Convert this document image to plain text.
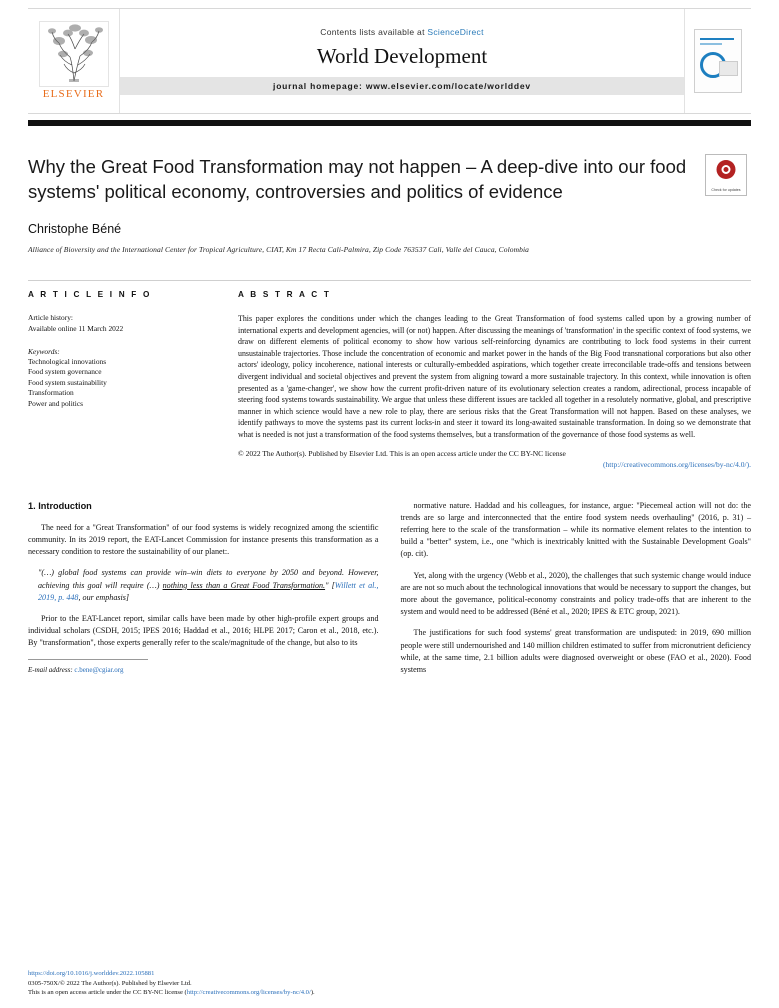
ELSEVIER
Contents lists available at ScienceDirect
World Development
journal homepage: www.elsevier.com/locate/worlddev
Why the Great Food Transformation may not happen – A deep-dive into our food systems' political economy, controversies and politics of evidence
Christophe Béné
Alliance of Bioversity and the International Center for Tropical Agriculture, CIAT, Km 17 Recta Cali-Palmira, Zip Code 763537 Cali, Valle del Cauca, Colombia
Check for updates
A R T I C L E I N F O
Article history:
Available online 11 March 2022
Keywords:
Technological innovations
Food system governance
Food system sustainability
Transformation
Power and politics
A B S T R A C T

This paper explores the conditions under which the changes leading to the Great Transformation of food systems called upon by a growing number of international experts and development agencies, will (or not) happen. After discussing the meanings of 'transformation' in the specific context of food systems, we draw on different elements of political economy to show how various self-reinforcing dynamics are contributing to lock food systems in their current unsustainable trajectories. Those include the concentration of economic and market power in the hands of the Big Food transnational corporations but also other actors' ideology, policy incoherence, national interests or culturally-embedded aspirations, which together create irreconcilable trade-offs and tensions between divergent individual and societal objectives and prevent the system from aligning toward a more sustainable trajectory. In this context, while innovation is often presented as a 'game-changer', we show how the current profit-driven nature of its evolutionary selection creates a random, adirectional, process incapable of steering food systems towards sustainability. We argue that unless these different issues are tackled all together in a resolutely normative, global, and prescriptive manner in which science would have a new role to play, there are serious risks that the Great Transformation will not happen. Based on these analyses, we identify pathways to move the systems past its current locks-in and steer it toward its long-awaited sustainable transformation. In doing so we demonstrate that what is needed is not just a transformation of the food systems themselves, but a transformation of the governance of those food systems as well.

© 2022 The Author(s). Published by Elsevier Ltd. This is an open access article under the CC BY-NC license
(http://creativecommons.org/licenses/by-nc/4.0/).
1. Introduction

The need for a "Great Transformation" of our food systems is widely recognized among the scientific community. In its 2019 report, the EAT-Lancet Commission for instance presents this transformation as a necessary condition to restore the sustainability of our planet:.

"(…) global food systems can provide win–win diets to everyone by 2050 and beyond. However, achieving this goal will require (…) nothing less than a Great Food Transformation." [Willett et al., 2019, p. 448, our emphasis]

Prior to the EAT-Lancet report, similar calls have been made by other high-profile expert groups and individual scholars (CSDH, 2015; IPES 2016; Haddad et al., 2016; HLPE 2017; Caron et al., 2018, etc.). By "transformation", those experts generally refer to the scale/magnitude of the change, but also to its

E-mail address: c.bene@cgiar.org

normative nature. Haddad and his colleagues, for instance, argue: "Piecemeal action will not do: the trends are so large and interconnected that the entire food system needs overhauling" (2016, p. 31) –referring here to the scale of the transformation – while its normative element relates to the intention to build a "better" system, i.e., one "which is inextricably knitted with the Sustainable Development Goals" (op. cit).

Yet, along with the urgency (Webb et al., 2020), the challenges that such systemic change would induce are are not so much about the technological innovations that would be necessary to support the changes, but more about the governance, political-economy constraints and policy trade-offs that are inherent to the system and would need to be addressed (Béné et al., 2020; IPES & ETC group, 2021).

The justifications for such food systems' great transformation are undisputed: in 2019, 690 million people were still undernourished and 140 million children estimated to suffer from micronutrient deficiency while, at the same time, 2.1 billion adults were diagnosed overweight or obese (FAO et al., 2020). Food systems

https://doi.org/10.1016/j.worlddev.2022.105881
0305-750X/© 2022 The Author(s). Published by Elsevier Ltd.
This is an open access article under the CC BY-NC license (http://creativecommons.org/licenses/by-nc/4.0/).
